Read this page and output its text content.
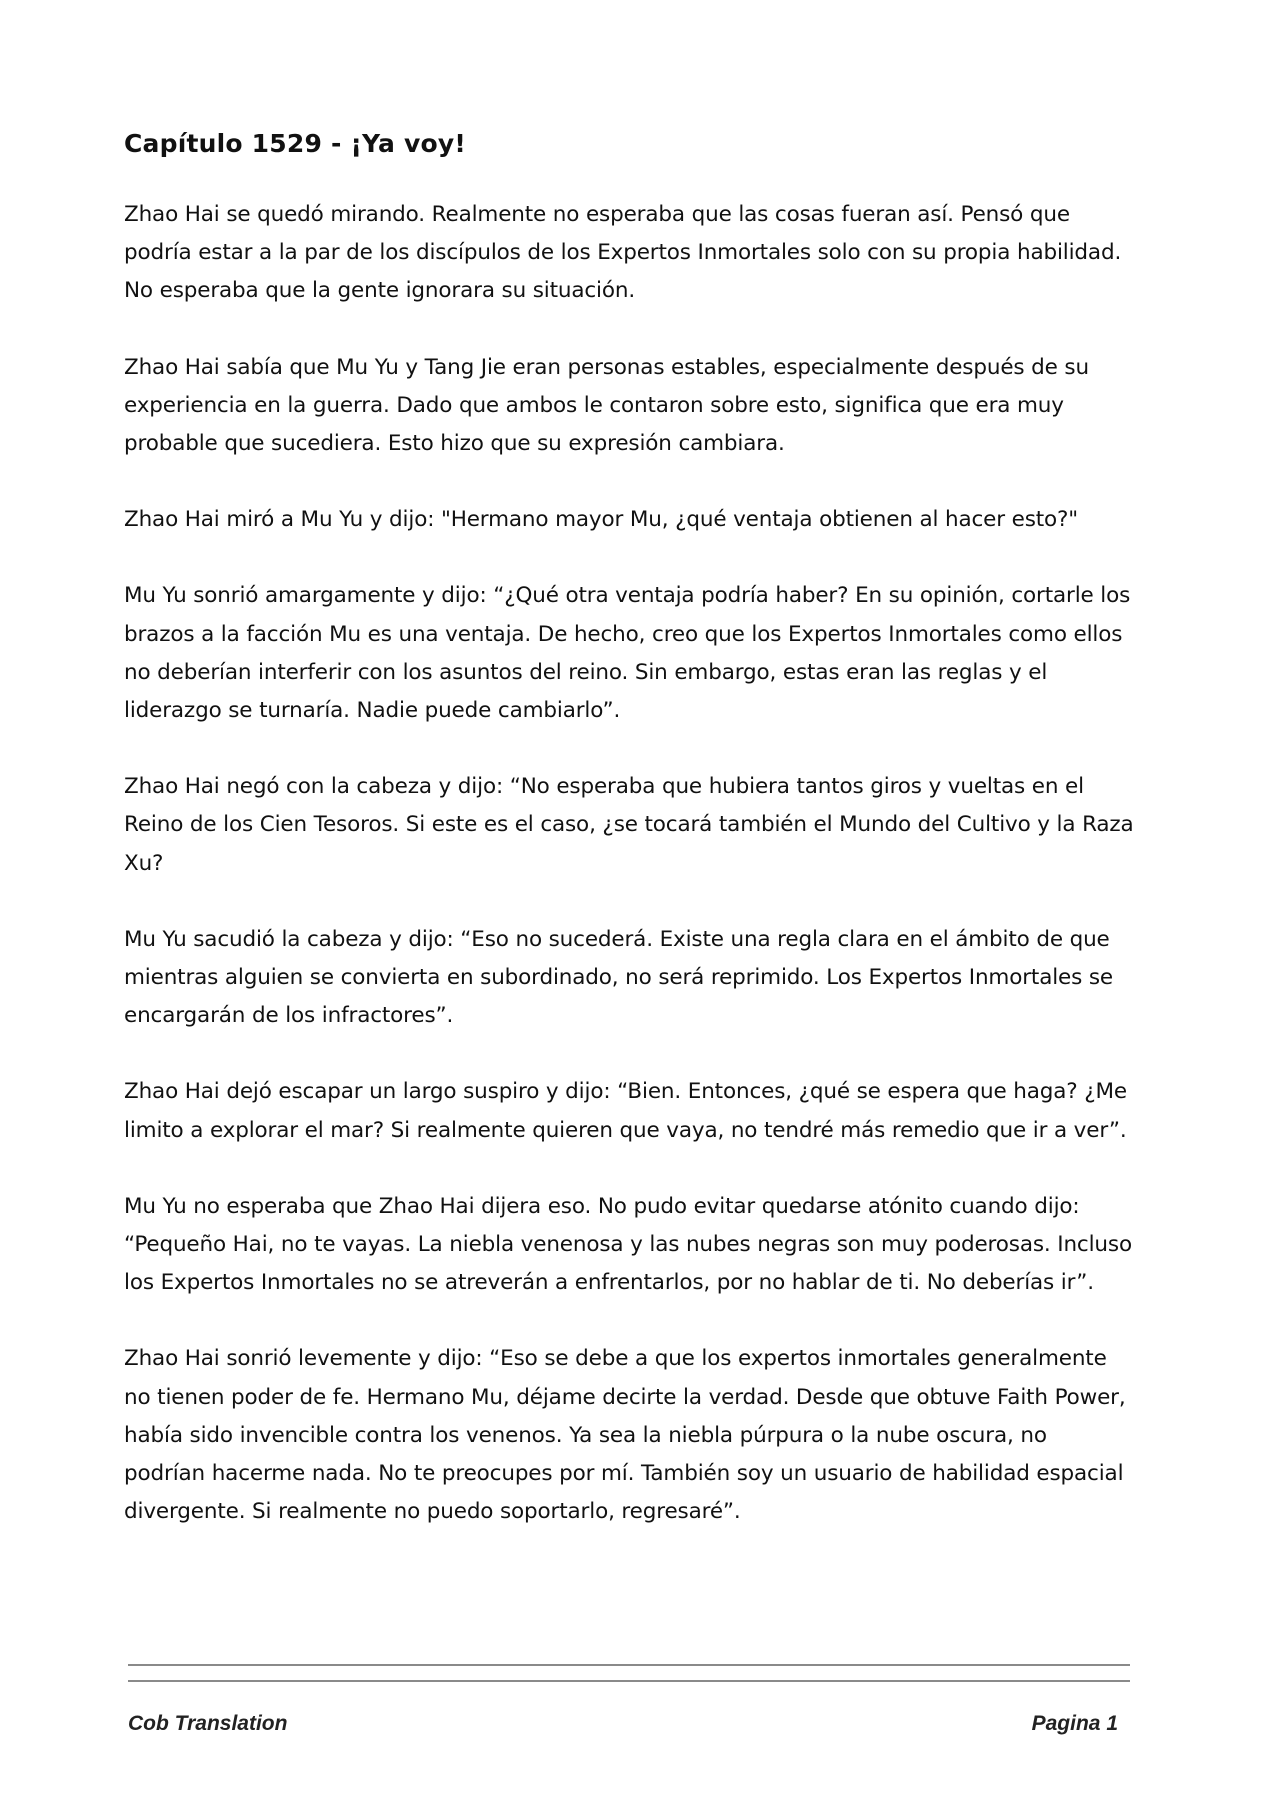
Capítulo 1529 - ¡Ya voy!

Zhao Hai se quedó mirando. Realmente no esperaba que las cosas fueran así. Pensó que podría estar a la par de los discípulos de los Expertos Inmortales solo con su propia habilidad. No esperaba que la gente ignorara su situación.

Zhao Hai sabía que Mu Yu y Tang Jie eran personas estables, especialmente después de su experiencia en la guerra. Dado que ambos le contaron sobre esto, significa que era muy probable que sucediera. Esto hizo que su expresión cambiara.

Zhao Hai miró a Mu Yu y dijo: "Hermano mayor Mu, ¿qué ventaja obtienen al hacer esto?"

Mu Yu sonrió amargamente y dijo: “¿Qué otra ventaja podría haber? En su opinión, cortarle los brazos a la facción Mu es una ventaja. De hecho, creo que los Expertos Inmortales como ellos no deberían interferir con los asuntos del reino. Sin embargo, estas eran las reglas y el liderazgo se turnaría. Nadie puede cambiarlo”.

Zhao Hai negó con la cabeza y dijo: “No esperaba que hubiera tantos giros y vueltas en el Reino de los Cien Tesoros. Si este es el caso, ¿se tocará también el Mundo del Cultivo y la Raza Xu?

Mu Yu sacudió la cabeza y dijo: “Eso no sucederá. Existe una regla clara en el ámbito de que mientras alguien se convierta en subordinado, no será reprimido. Los Expertos Inmortales se encargarán de los infractores”.

Zhao Hai dejó escapar un largo suspiro y dijo: “Bien. Entonces, ¿qué se espera que haga? ¿Me limito a explorar el mar? Si realmente quieren que vaya, no tendré más remedio que ir a ver”.

Mu Yu no esperaba que Zhao Hai dijera eso. No pudo evitar quedarse atónito cuando dijo: “Pequeño Hai, no te vayas. La niebla venenosa y las nubes negras son muy poderosas. Incluso los Expertos Inmortales no se atreverán a enfrentarlos, por no hablar de ti. No deberías ir”.

Zhao Hai sonrió levemente y dijo: “Eso se debe a que los expertos inmortales generalmente no tienen poder de fe. Hermano Mu, déjame decirte la verdad. Desde que obtuve Faith Power, había sido invencible contra los venenos. Ya sea la niebla púrpura o la nube oscura, no podrían hacerme nada. No te preocupes por mí. También soy un usuario de habilidad espacial divergente. Si realmente no puedo soportarlo, regresaré”.

Cob Translation	Pagina 1
